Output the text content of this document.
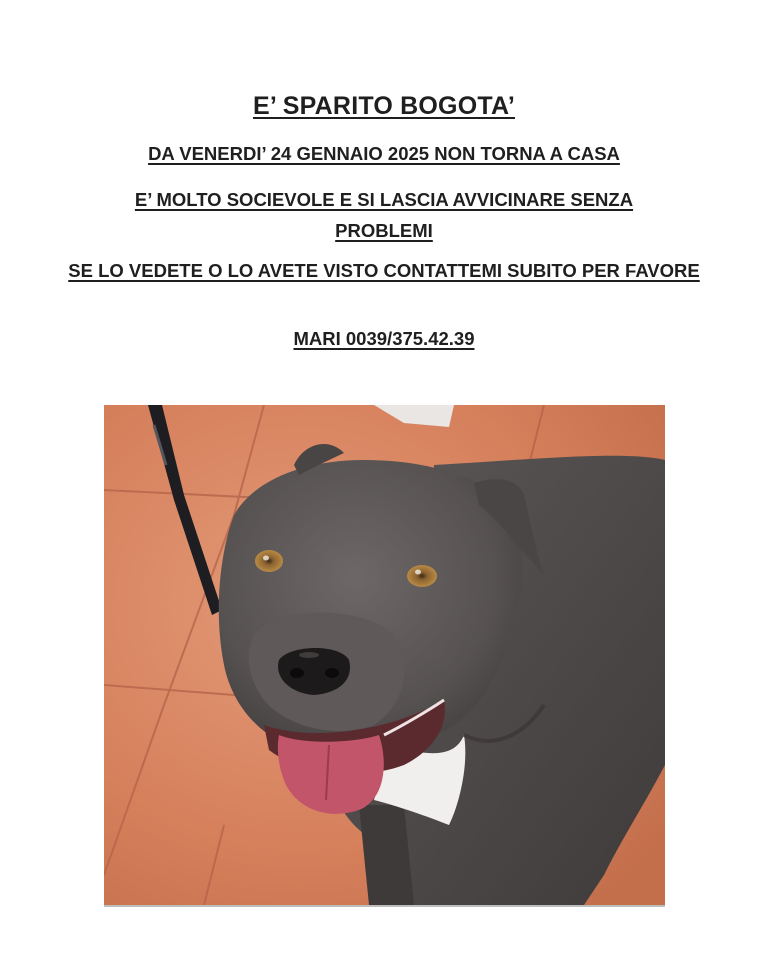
E’ SPARITO BOGOTA’

DA VENERDI’ 24 GENNAIO 2025 NON TORNA A CASA

E’ MOLTO SOCIEVOLE E SI LASCIA AVVICINARE SENZA PROBLEMI

SE LO VEDETE O LO AVETE VISTO CONTATTEMI SUBITO PER FAVORE

MARI 0039/375.42.39
